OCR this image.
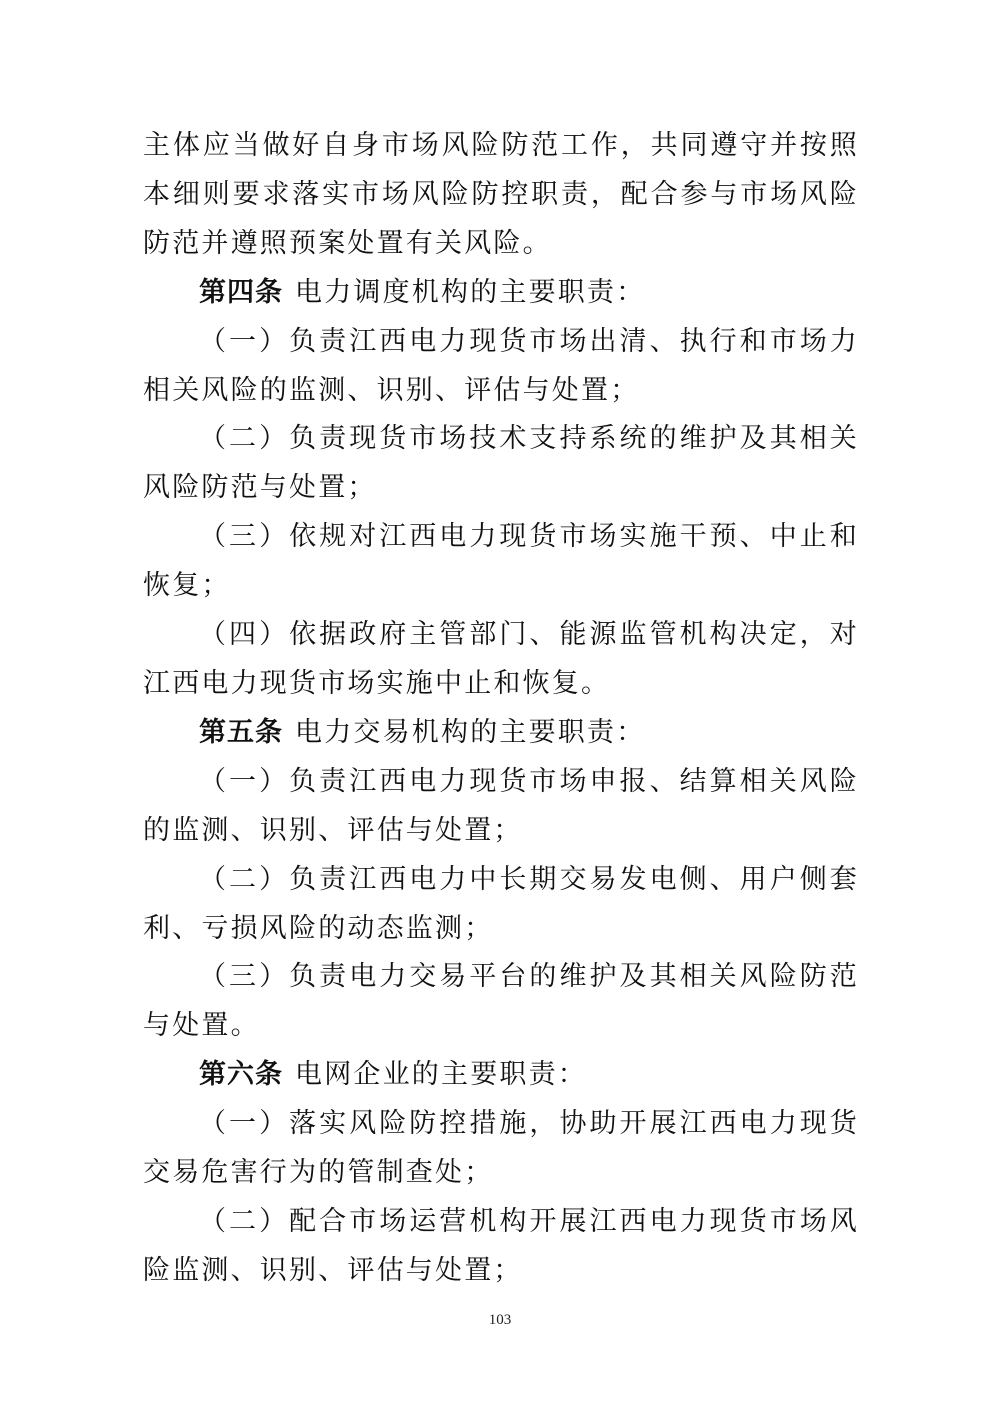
主体应当做好自身市场风险防范工作，共同遵守并按照本细则要求落实市场风险防控职责，配合参与市场风险防范并遵照预案处置有关风险。

第四条 电力调度机构的主要职责：

（一）负责江西电力现货市场出清、执行和市场力相关风险的监测、识别、评估与处置；

（二）负责现货市场技术支持系统的维护及其相关风险防范与处置；

（三）依规对江西电力现货市场实施干预、中止和恢复；

（四）依据政府主管部门、能源监管机构决定，对江西电力现货市场实施中止和恢复。

第五条 电力交易机构的主要职责：

（一）负责江西电力现货市场申报、结算相关风险的监测、识别、评估与处置；

（二）负责江西电力中长期交易发电侧、用户侧套利、亏损风险的动态监测；

（三）负责电力交易平台的维护及其相关风险防范与处置。

第六条 电网企业的主要职责：

（一）落实风险防控措施，协助开展江西电力现货交易危害行为的管制查处；

（二）配合市场运营机构开展江西电力现货市场风险监测、识别、评估与处置；

103
